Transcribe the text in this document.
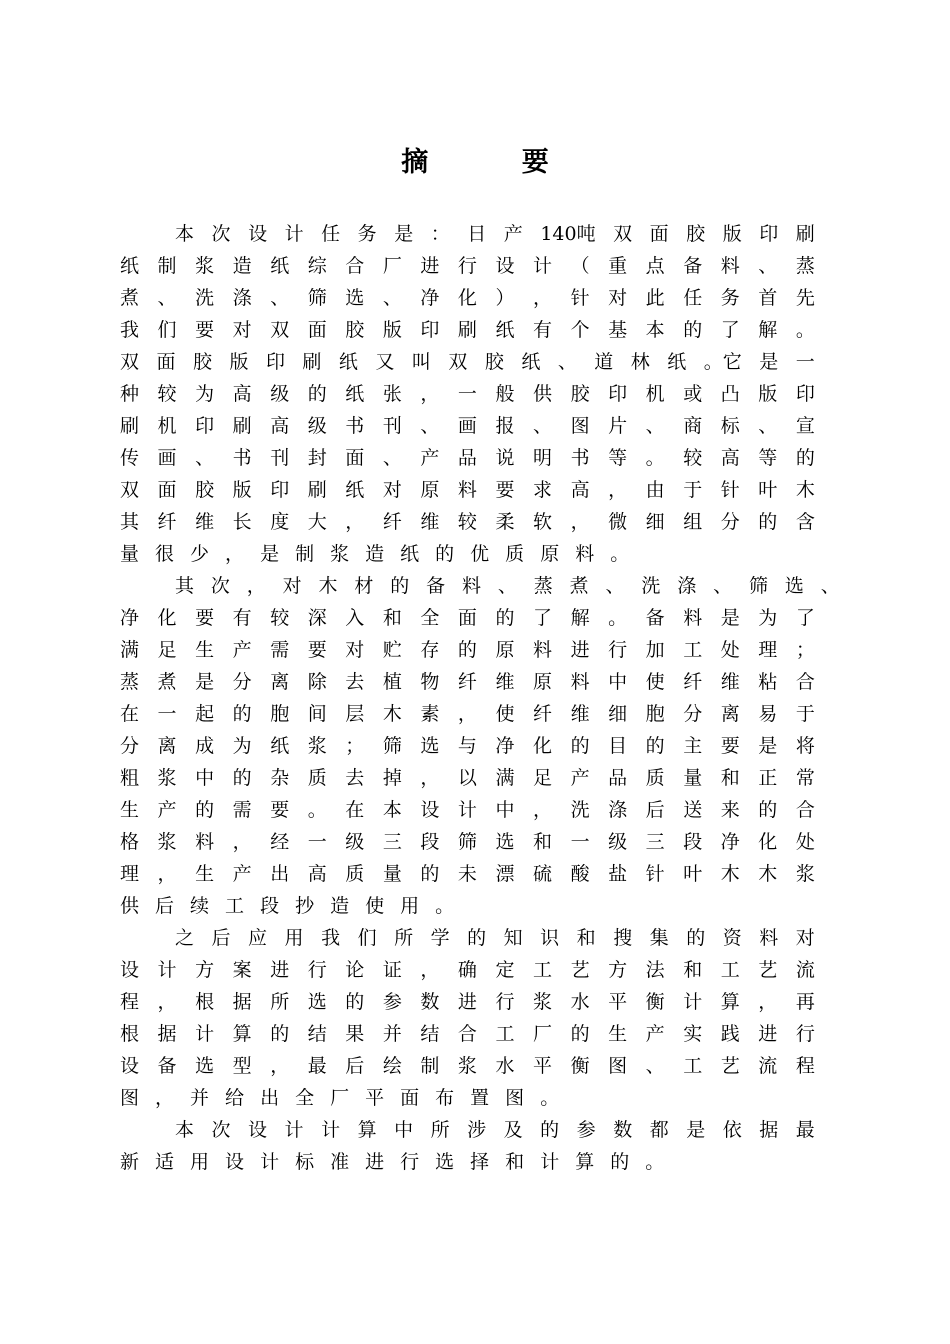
摘 要
本 次 设 计 任 务 是 ： 日 产 140吨 双 面 胶 版 印 刷
纸 制 浆 造 纸 综 合 厂 进 行 设 计 （ 重 点 备 料 、 蒸
煮 、 洗 涤 、 筛 选 、 净 化 ） ， 针 对 此 任 务 首 先
我 们 要 对 双 面 胶 版 印 刷 纸 有 个 基 本 的 了 解 。
双 面 胶 版 印 刷 纸 又 叫 双 胶 纸 、 道 林 纸 。它 是 一
种 较 为 高 级 的 纸 张 ， 一 般 供 胶 印 机 或 凸 版 印
刷 机 印 刷 高 级 书 刊 、 画 报 、 图 片 、 商 标 、 宣
传 画 、 书 刊 封 面 、 产 品 说 明 书 等 。 较 高 等 的
双 面 胶 版 印 刷 纸 对 原 料 要 求 高 ， 由 于 针 叶 木
其 纤 维 长 度 大 ， 纤 维 较 柔 软 ， 微 细 组 分 的 含
量 很 少 ， 是 制 浆 造 纸 的 优 质 原 料 。
其 次 ， 对 木 材 的 备 料 、 蒸 煮 、 洗 涤 、 筛 选 、
净 化 要 有 较 深 入 和 全 面 的 了 解 。 备 料 是 为 了
满 足 生 产 需 要 对 贮 存 的 原 料 进 行 加 工 处 理 ；
蒸 煮 是 分 离 除 去 植 物 纤 维 原 料 中 使 纤 维 粘 合
在 一 起 的 胞 间 层 木 素 ， 使 纤 维 细 胞 分 离 易 于
分 离 成 为 纸 浆 ； 筛 选 与 净 化 的 目 的 主 要 是 将
粗 浆 中 的 杂 质 去 掉 ， 以 满 足 产 品 质 量 和 正 常
生 产 的 需 要 。 在 本 设 计 中 ， 洗 涤 后 送 来 的 合
格 浆 料 ， 经 一 级 三 段 筛 选 和 一 级 三 段 净 化 处
理 ， 生 产 出 高 质 量 的 未 漂 硫 酸 盐 针 叶 木 木 浆
供 后 续 工 段 抄 造 使 用 。
之 后 应 用 我 们 所 学 的 知 识 和 搜 集 的 资 料 对
设 计 方 案 进 行 论 证 ， 确 定 工 艺 方 法 和 工 艺 流
程 ， 根 据 所 选 的 参 数 进 行 浆 水 平 衡 计 算 ， 再
根 据 计 算 的 结 果 并 结 合 工 厂 的 生 产 实 践 进 行
设 备 选 型 ， 最 后 绘 制 浆 水 平 衡 图 、 工 艺 流 程
图 ， 并 给 出 全 厂 平 面 布 置 图 。
本 次 设 计 计 算 中 所 涉 及 的 参 数 都 是 依 据 最
新 适 用 设 计 标 准 进 行 选 择 和 计 算 的 。
